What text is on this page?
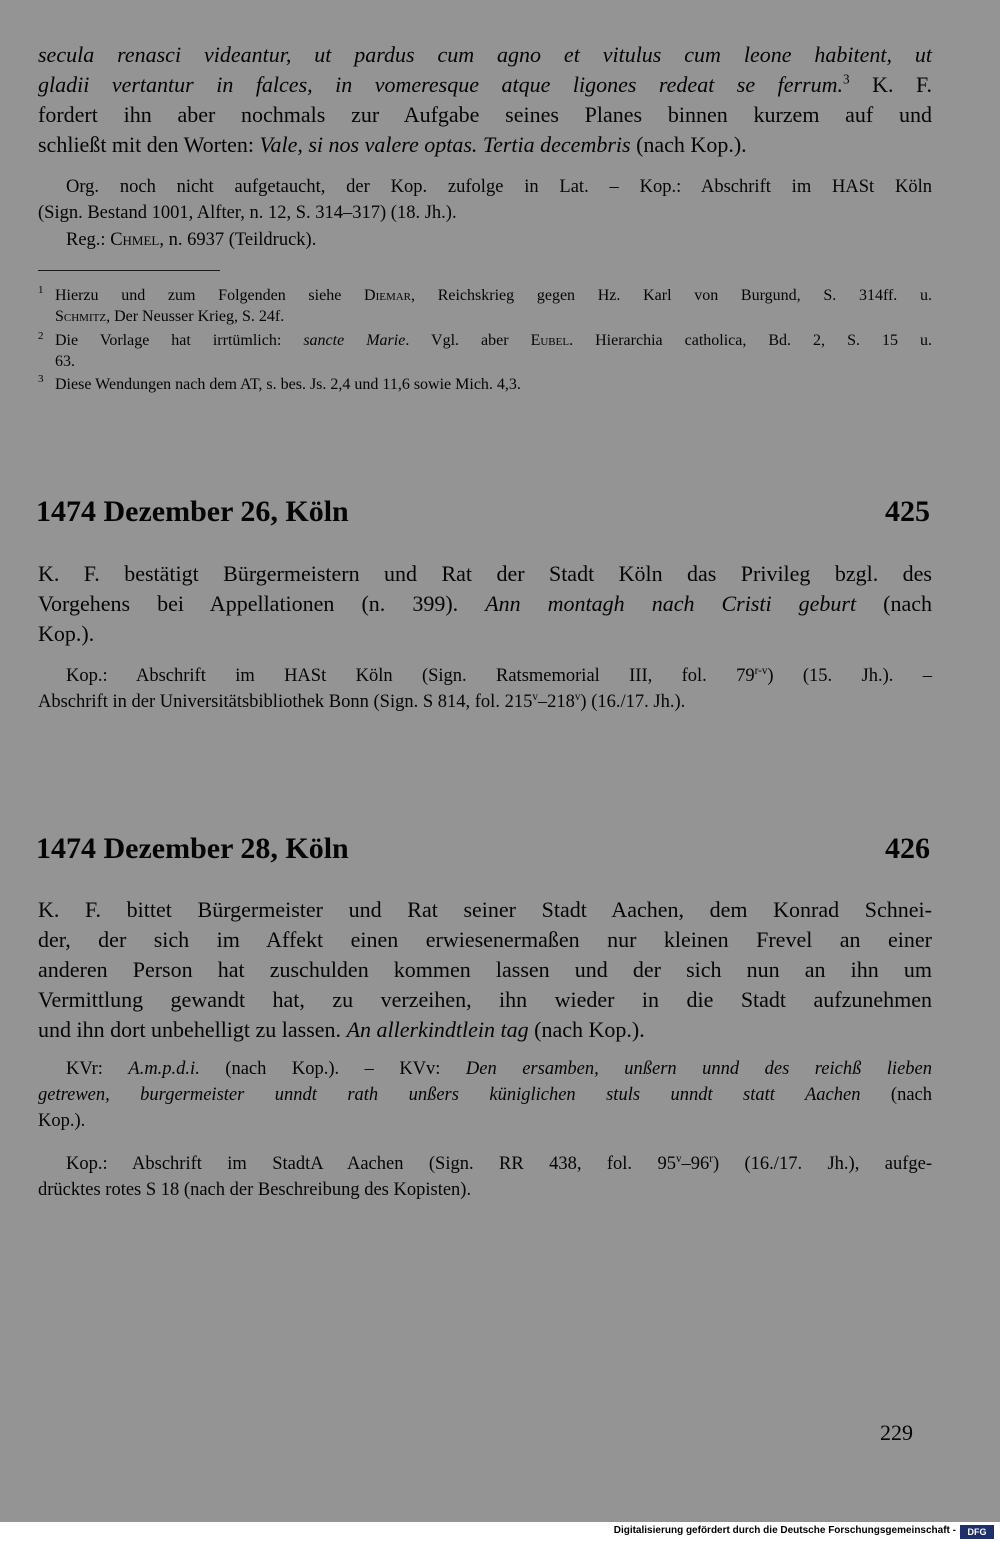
secula renasci videantur, ut pardus cum agno et vitulus cum leone habitent, ut
gladii vertantur in falces, in vomeresque atque ligones redeat se ferrum.$^3$ K. F.
fordert ihn aber nochmals zur Aufgabe seines Planes binnen kurzem auf und
schließt mit den Worten: Vale, si nos valere optas. Tertia decembris (nach Kop.).
Org. noch nicht aufgetaucht, der Kop. zufolge in Lat. – Kop.: Abschrift im HASt Köln
(Sign. Bestand 1001, Alfter, n. 12, S. 314–317) (18. Jh.).
Reg.: Chmel, n. 6937 (Teildruck).
1 Hierzu und zum Folgenden siehe Diemar, Reichskrieg gegen Hz. Karl von Burgund, S. 314ff. u.
Schmitz, Der Neusser Krieg, S. 24f.
2 Die Vorlage hat irrtümlich: sancte Marie. Vgl. aber Eubel. Hierarchia catholica, Bd. 2, S. 15 u.
63.
3 Diese Wendungen nach dem AT, s. bes. Js. 2,4 und 11,6 sowie Mich. 4,3.
1474 Dezember 26, Köln	425
K. F. bestätigt Bürgermeistern und Rat der Stadt Köln das Privileg bzgl. des
Vorgehens bei Appellationen (n. 399). Ann montagh nach Cristi geburt (nach
Kop.).
Kop.: Abschrift im HASt Köln (Sign. Ratsmemorial III, fol. 79$^{r-v}$) (15. Jh.). –
Abschrift in der Universitätsbibliothek Bonn (Sign. S 814, fol. 215$^v$–218$^v$) (16./17. Jh.).
1474 Dezember 28, Köln	426
K. F. bittet Bürgermeister und Rat seiner Stadt Aachen, dem Konrad Schnei-
der, der sich im Affekt einen erwiesenermaßen nur kleinen Frevel an einer
anderen Person hat zuschulden kommen lassen und der sich nun an ihn um
Vermittlung gewandt hat, zu verzeihen, ihn wieder in die Stadt aufzunehmen
und ihn dort unbehelligt zu lassen. An allerkindtlein tag (nach Kop.).
KVr: A.m.p.d.i. (nach Kop.). – KVv: Den ersamben, unßern unnd des reichß lieben
getrewen, burgermeister unndt rath unßers küniglichen stuls unndt statt Aachen (nach
Kop.).
Kop.: Abschrift im StadtA Aachen (Sign. RR 438, fol. 95$^v$–96$^r$) (16./17. Jh.), aufge-
drücktes rotes S 18 (nach der Beschreibung des Kopisten).
229
Digitalisierung gefördert durch die Deutsche Forschungsgemeinschaft -	DFG
